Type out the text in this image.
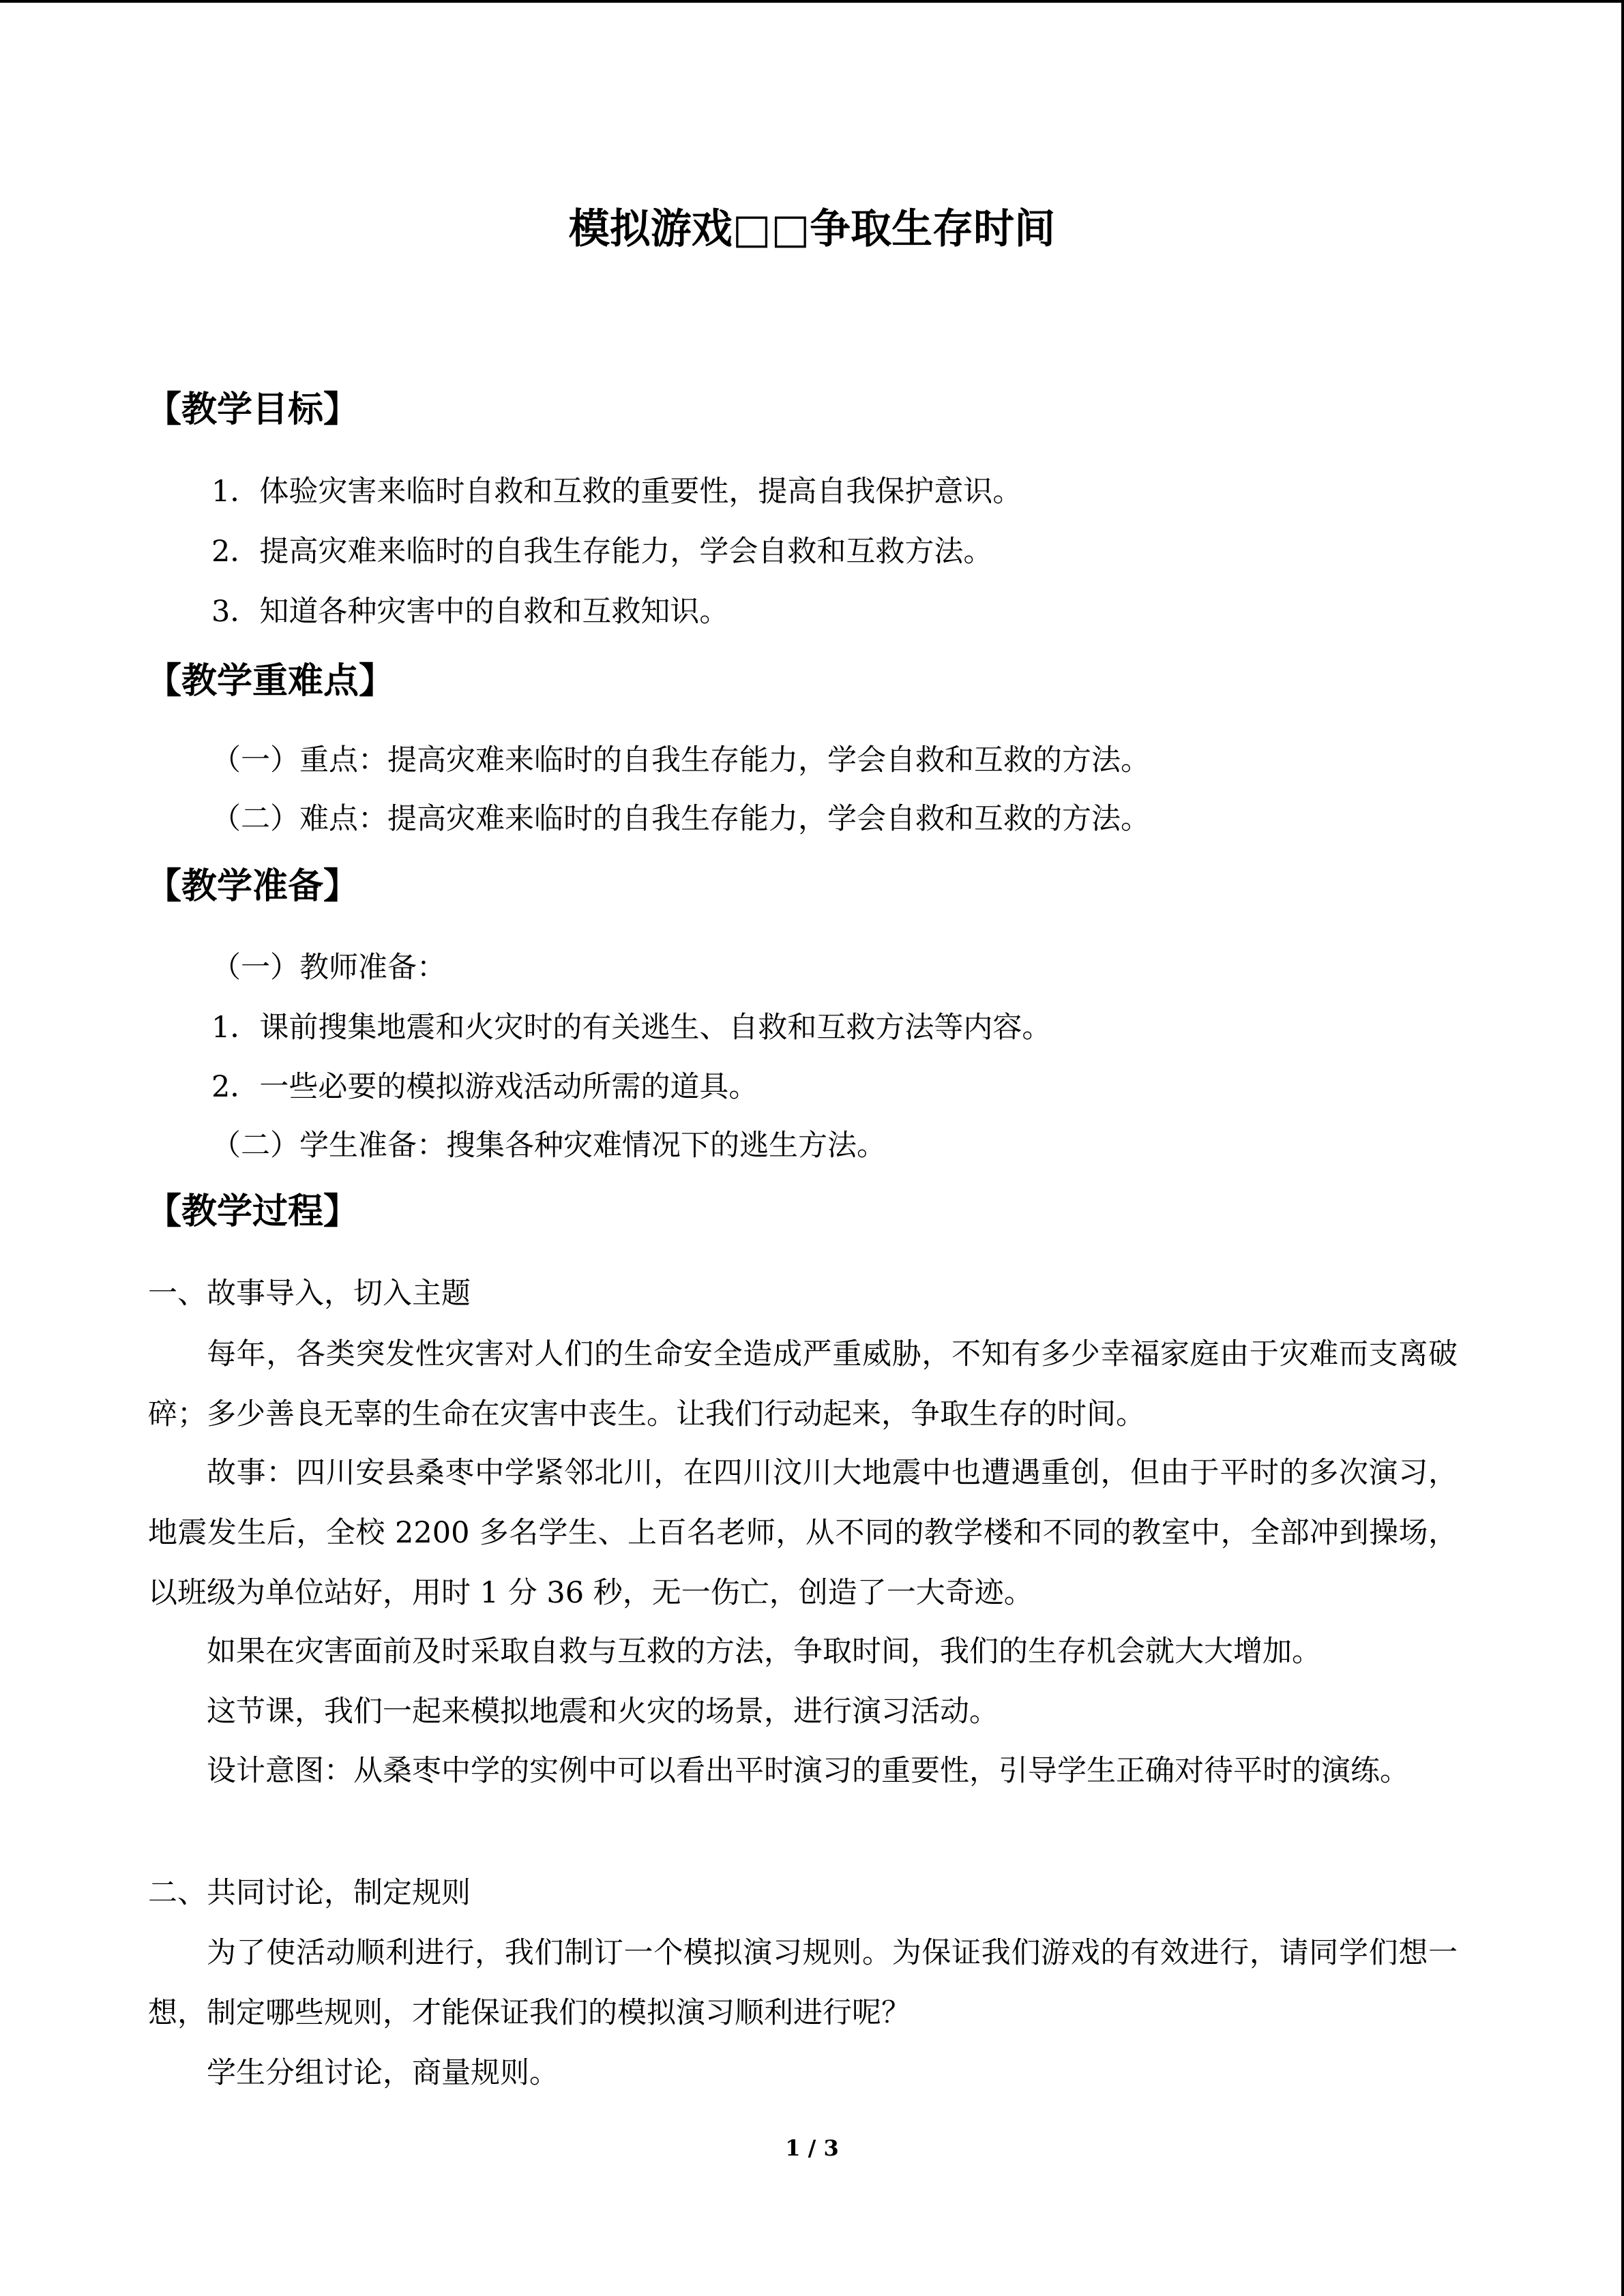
模拟游戏□□争取生存时间
【教学目标】
1．体验灾害来临时自救和互救的重要性，提高自我保护意识。
2．提高灾难来临时的自我生存能力，学会自救和互救方法。
3．知道各种灾害中的自救和互救知识。
【教学重难点】
（一）重点：提高灾难来临时的自我生存能力，学会自救和互救的方法。
（二）难点：提高灾难来临时的自我生存能力，学会自救和互救的方法。
【教学准备】
（一）教师准备：
1．课前搜集地震和火灾时的有关逃生、自救和互救方法等内容。
2．一些必要的模拟游戏活动所需的道具。
（二）学生准备：搜集各种灾难情况下的逃生方法。
【教学过程】
一、故事导入，切入主题
每年，各类突发性灾害对人们的生命安全造成严重威胁，不知有多少幸福家庭由于灾难而支离破碎；多少善良无辜的生命在灾害中丧生。让我们行动起来，争取生存的时间。
故事：四川安县桑枣中学紧邻北川，在四川汶川大地震中也遭遇重创，但由于平时的多次演习，地震发生后，全校 2200 多名学生、上百名老师，从不同的教学楼和不同的教室中，全部冲到操场，以班级为单位站好，用时 1 分 36 秒，无一伤亡，创造了一大奇迹。
如果在灾害面前及时采取自救与互救的方法，争取时间，我们的生存机会就大大增加。
这节课，我们一起来模拟地震和火灾的场景，进行演习活动。
设计意图：从桑枣中学的实例中可以看出平时演习的重要性，引导学生正确对待平时的演练。
二、共同讨论，制定规则
为了使活动顺利进行，我们制订一个模拟演习规则。为保证我们游戏的有效进行，请同学们想一想，制定哪些规则，才能保证我们的模拟演习顺利进行呢？
学生分组讨论，商量规则。
1 / 3
